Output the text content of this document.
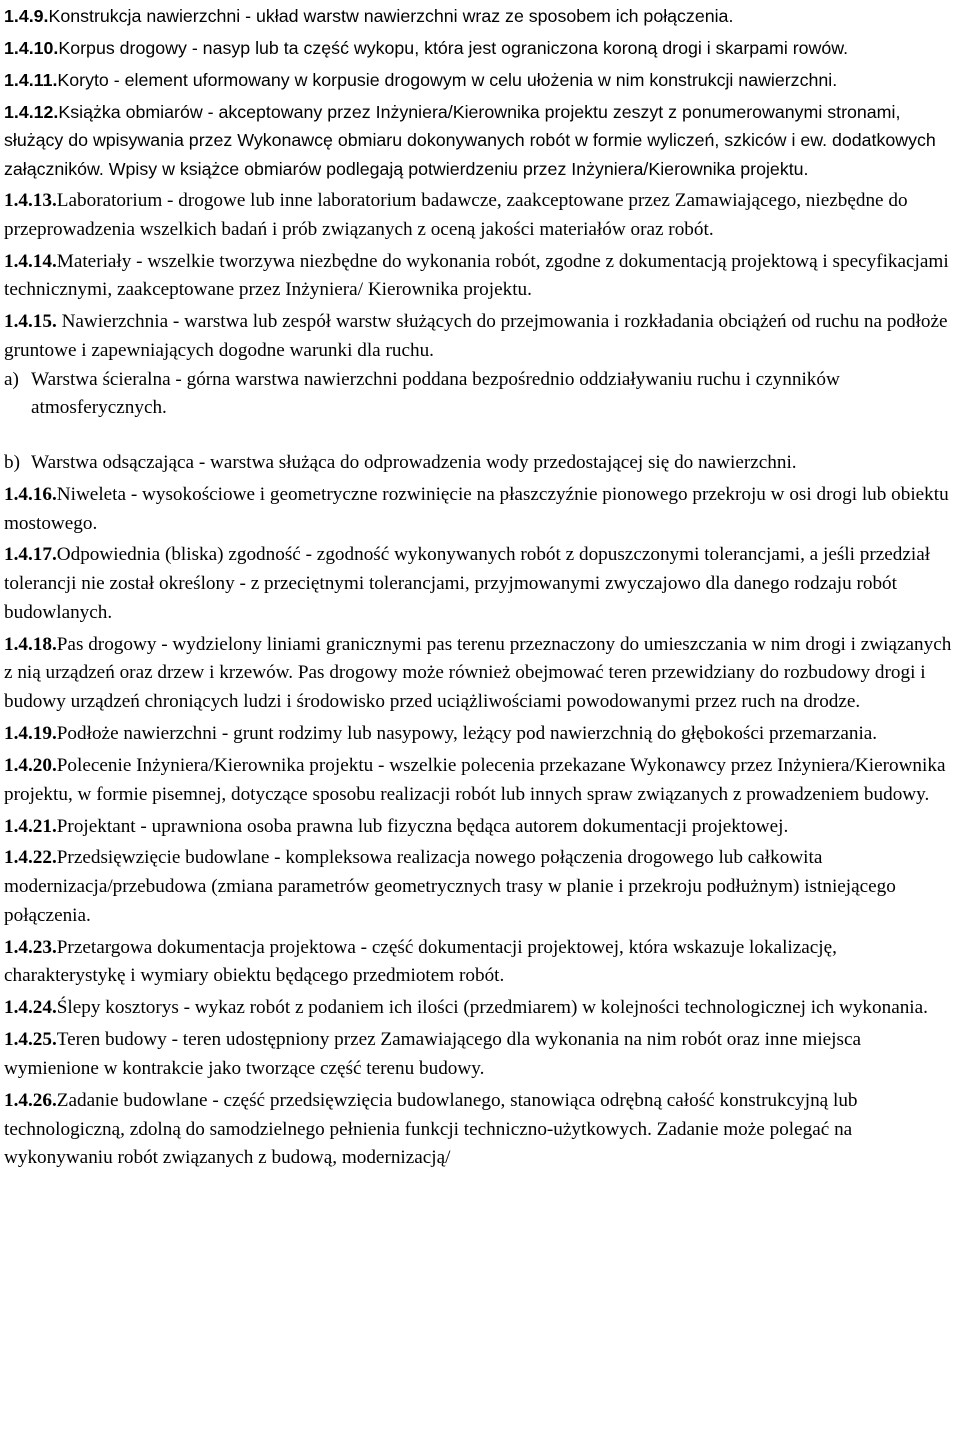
1.4.9.Konstrukcja nawierzchni - układ warstw nawierzchni wraz ze sposobem ich połączenia.

1.4.10.Korpus drogowy - nasyp lub ta część wykopu, która jest ograniczona koroną drogi i skarpami rowów.

1.4.11.Koryto - element uformowany w korpusie drogowym w celu ułożenia w nim konstrukcji nawierzchni.

1.4.12.Książka obmiarów - akceptowany przez Inżyniera/Kierownika projektu zeszyt z ponumerowanymi stronami, służący do wpisywania przez Wykonawcę obmiaru dokonywanych robót w formie wyliczeń, szkiców i ew. dodatkowych załączników. Wpisy w książce obmiarów podlegają potwierdzeniu przez Inżyniera/Kierownika projektu.

1.4.13.Laboratorium - drogowe lub inne laboratorium badawcze, zaakceptowane przez Zamawiającego, niezbędne do przeprowadzenia wszelkich badań i prób związanych z oceną jakości materiałów oraz robót.

1.4.14.Materiały - wszelkie tworzywa niezbędne do wykonania robót, zgodne z dokumentacją projektową i specyfikacjami technicznymi, zaakceptowane przez Inżyniera/ Kierownika projektu.

1.4.15. Nawierzchnia - warstwa lub zespół warstw służących do przejmowania i rozkładania obciążeń od ruchu na podłoże gruntowe i zapewniających dogodne warunki dla ruchu.

a) Warstwa ścieralna - górna warstwa nawierzchni poddana bezpośrednio oddziaływaniu ruchu i czynników atmosferycznych.
b) Warstwa odsączająca - warstwa służąca do odprowadzenia wody przedostającej się do nawierzchni.

1.4.16.Niweleta - wysokościowe i geometryczne rozwinięcie na płaszczyźnie pionowego przekroju w osi drogi lub obiektu mostowego.

1.4.17.Odpowiednia (bliska) zgodność - zgodność wykonywanych robót z dopuszczonymi tolerancjami, a jeśli przedział tolerancji nie został określony - z przeciętnymi tolerancjami, przyjmowanymi zwyczajowo dla danego rodzaju robót budowlanych.

1.4.18.Pas drogowy - wydzielony liniami granicznymi pas terenu przeznaczony do umieszczania w nim drogi i związanych z nią urządzeń oraz drzew i krzewów. Pas drogowy może również obejmować teren przewidziany do rozbudowy drogi i budowy urządzeń chroniących ludzi i środowisko przed uciążliwościami powodowanymi przez ruch na drodze.

1.4.19.Podłoże nawierzchni - grunt rodzimy lub nasypowy, leżący pod nawierzchnią do głębokości przemarzania.

1.4.20.Polecenie Inżyniera/Kierownika projektu - wszelkie polecenia przekazane Wykonawcy przez Inżyniera/Kierownika projektu, w formie pisemnej, dotyczące sposobu realizacji robót lub innych spraw związanych z prowadzeniem budowy.

1.4.21.Projektant - uprawniona osoba prawna lub fizyczna będąca autorem dokumentacji projektowej.

1.4.22.Przedsięwzięcie budowlane - kompleksowa realizacja nowego połączenia drogowego lub całkowita modernizacja/przebudowa (zmiana parametrów geometrycznych trasy w planie i przekroju podłużnym) istniejącego połączenia.

1.4.23.Przetargowa dokumentacja projektowa - część dokumentacji projektowej, która wskazuje lokalizację, charakterystykę i wymiary obiektu będącego przedmiotem robót.

1.4.24.Ślepy kosztorys - wykaz robót z podaniem ich ilości (przedmiarem) w kolejności technologicznej ich wykonania.

1.4.25.Teren budowy - teren udostępniony przez Zamawiającego dla wykonania na nim robót oraz inne miejsca wymienione w kontrakcie jako tworzące część terenu budowy.

1.4.26.Zadanie budowlane - część przedsięwzięcia budowlanego, stanowiąca odrębną całość konstrukcyjną lub technologiczną, zdolną do samodzielnego pełnienia funkcji techniczno-użytkowych. Zadanie może polegać na wykonywaniu robót związanych z budową, modernizacją/
